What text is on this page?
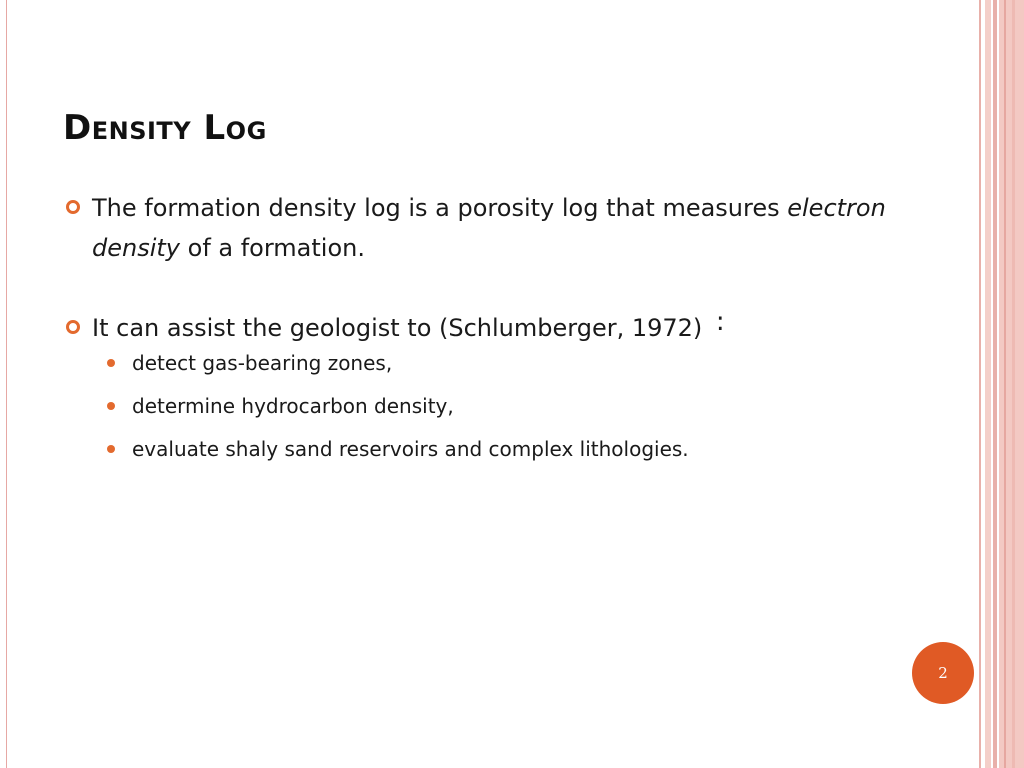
Density Log
The formation density log is a porosity log that measures electron density of a formation.
It can assist the geologist to (Schlumberger, 1972) :
detect gas-bearing zones,
determine hydrocarbon density,
evaluate shaly sand reservoirs and complex lithologies.
2
